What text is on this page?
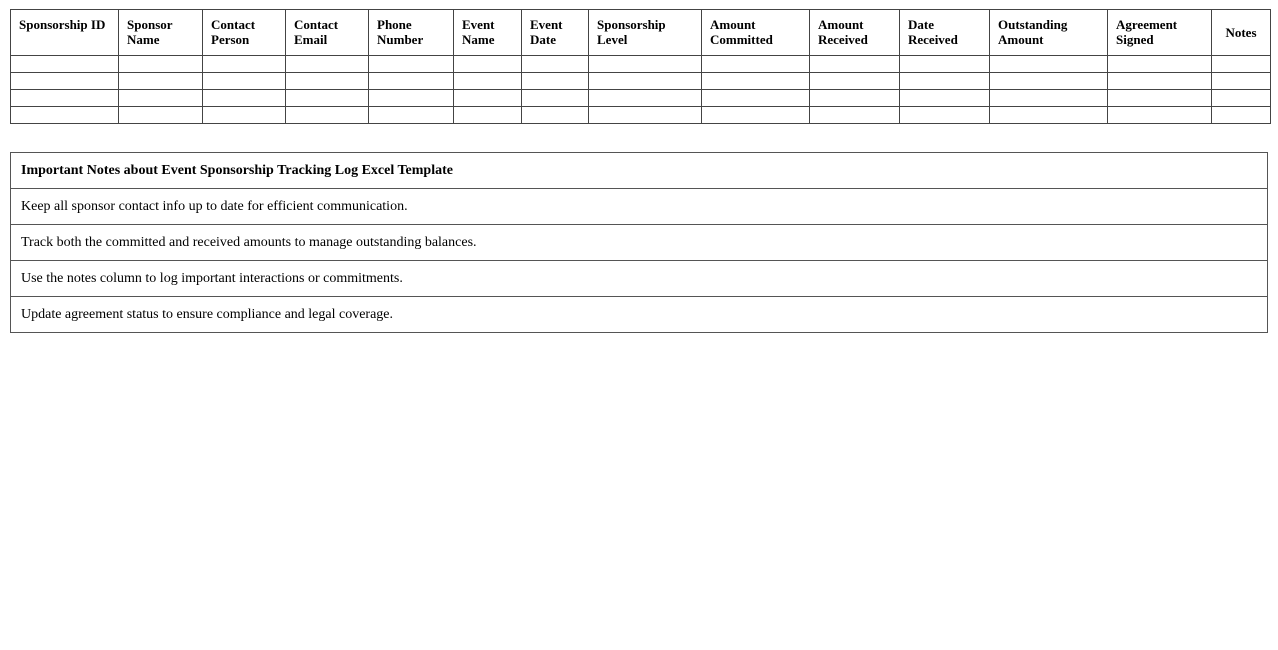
Sponsorship ID	Sponsor Name	Contact Person	Contact Email	Phone Number	Event Name	Event Date	Sponsorship Level	Amount Committed	Amount Received	Date Received	Outstanding Amount	Agreement Signed	Notes

Important Notes about Event Sponsorship Tracking Log Excel Template
Keep all sponsor contact info up to date for efficient communication.
Track both the committed and received amounts to manage outstanding balances.
Use the notes column to log important interactions or commitments.
Update agreement status to ensure compliance and legal coverage.
